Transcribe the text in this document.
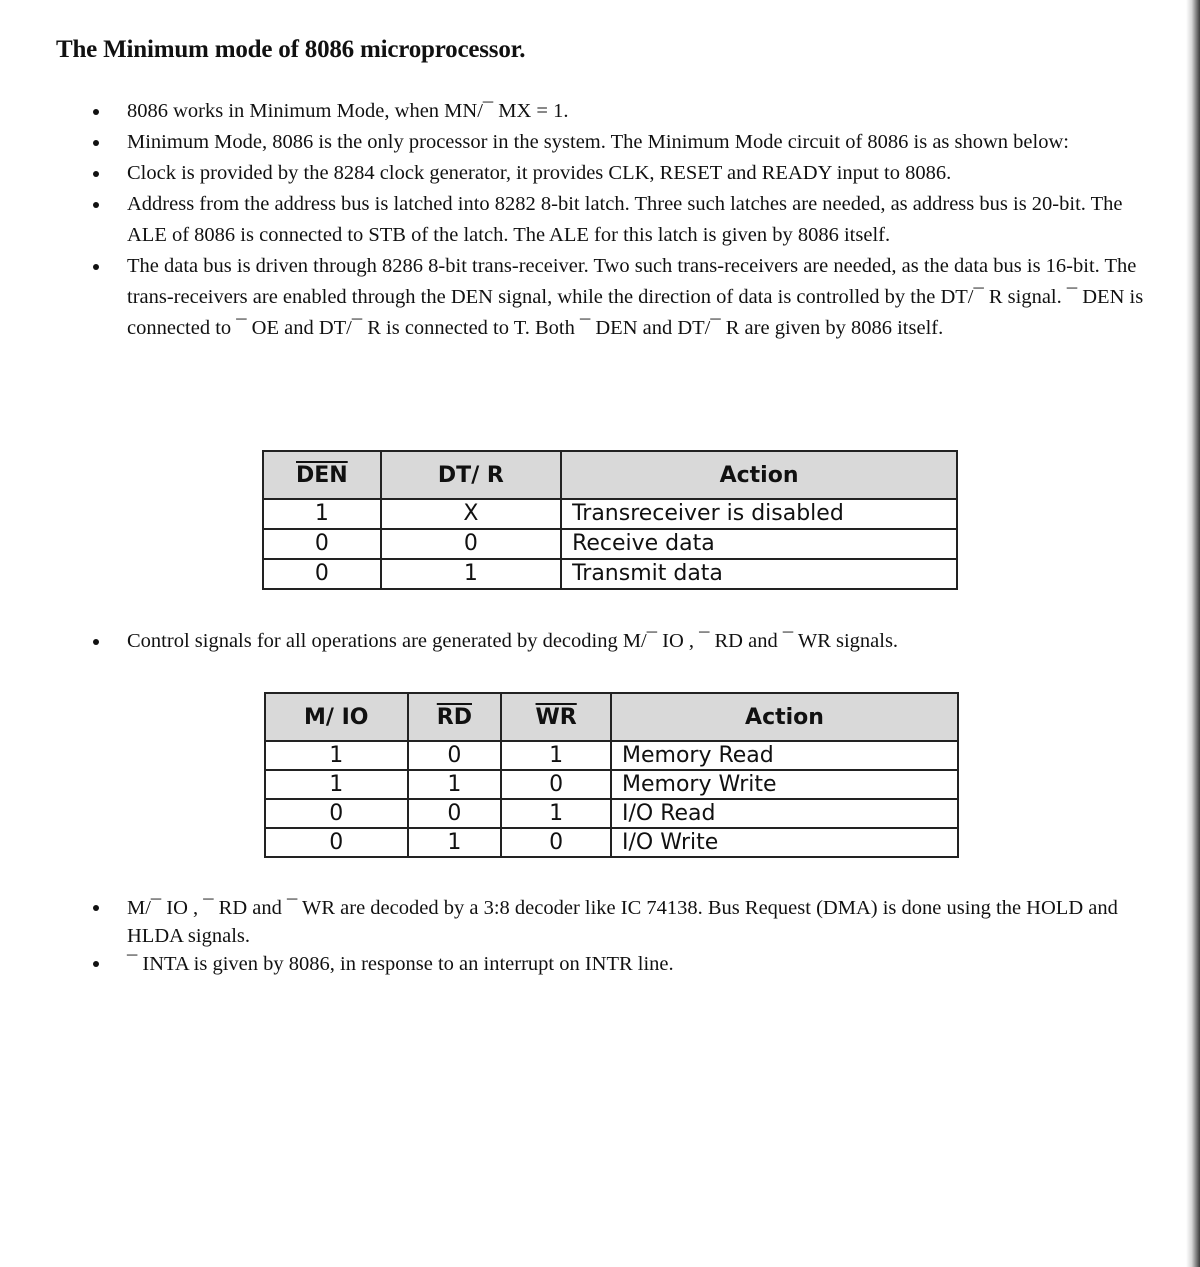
The Minimum mode of 8086 microprocessor.
8086 works in Minimum Mode, when MN/¯ MX = 1.
Minimum Mode, 8086 is the only processor in the system. The Minimum Mode circuit of 8086 is as shown below:
Clock is provided by the 8284 clock generator, it provides CLK, RESET and READY input to 8086.
Address from the address bus is latched into 8282 8-bit latch. Three such latches are needed, as address bus is 20-bit. The ALE of 8086 is connected to STB of the latch. The ALE for this latch is given by 8086 itself.
The data bus is driven through 8286 8-bit trans-receiver. Two such trans-receivers are needed, as the data bus is 16-bit. The trans-receivers are enabled through the DEN signal, while the direction of data is controlled by the DT/¯ R signal. ¯ DEN is connected to ¯ OE and DT/¯ R is connected to T. Both ¯ DEN and DT/¯ R are given by 8086 itself.
$\overline{DEN}$	DT/ R	Action
1	X	Transreceiver is disabled
0	0	Receive data
0	1	Transmit data
Control signals for all operations are generated by decoding M/¯ IO , ¯ RD and ¯ WR signals.
M/ IO	$\overline{RD}$	$\overline{WR}$	Action
1	0	1	Memory Read
1	1	0	Memory Write
0	0	1	I/O Read
0	1	0	I/O Write
M/¯ IO , ¯ RD and ¯ WR are decoded by a 3:8 decoder like IC 74138. Bus Request (DMA) is done using the HOLD and HLDA signals.
¯ INTA is given by 8086, in response to an interrupt on INTR line.
